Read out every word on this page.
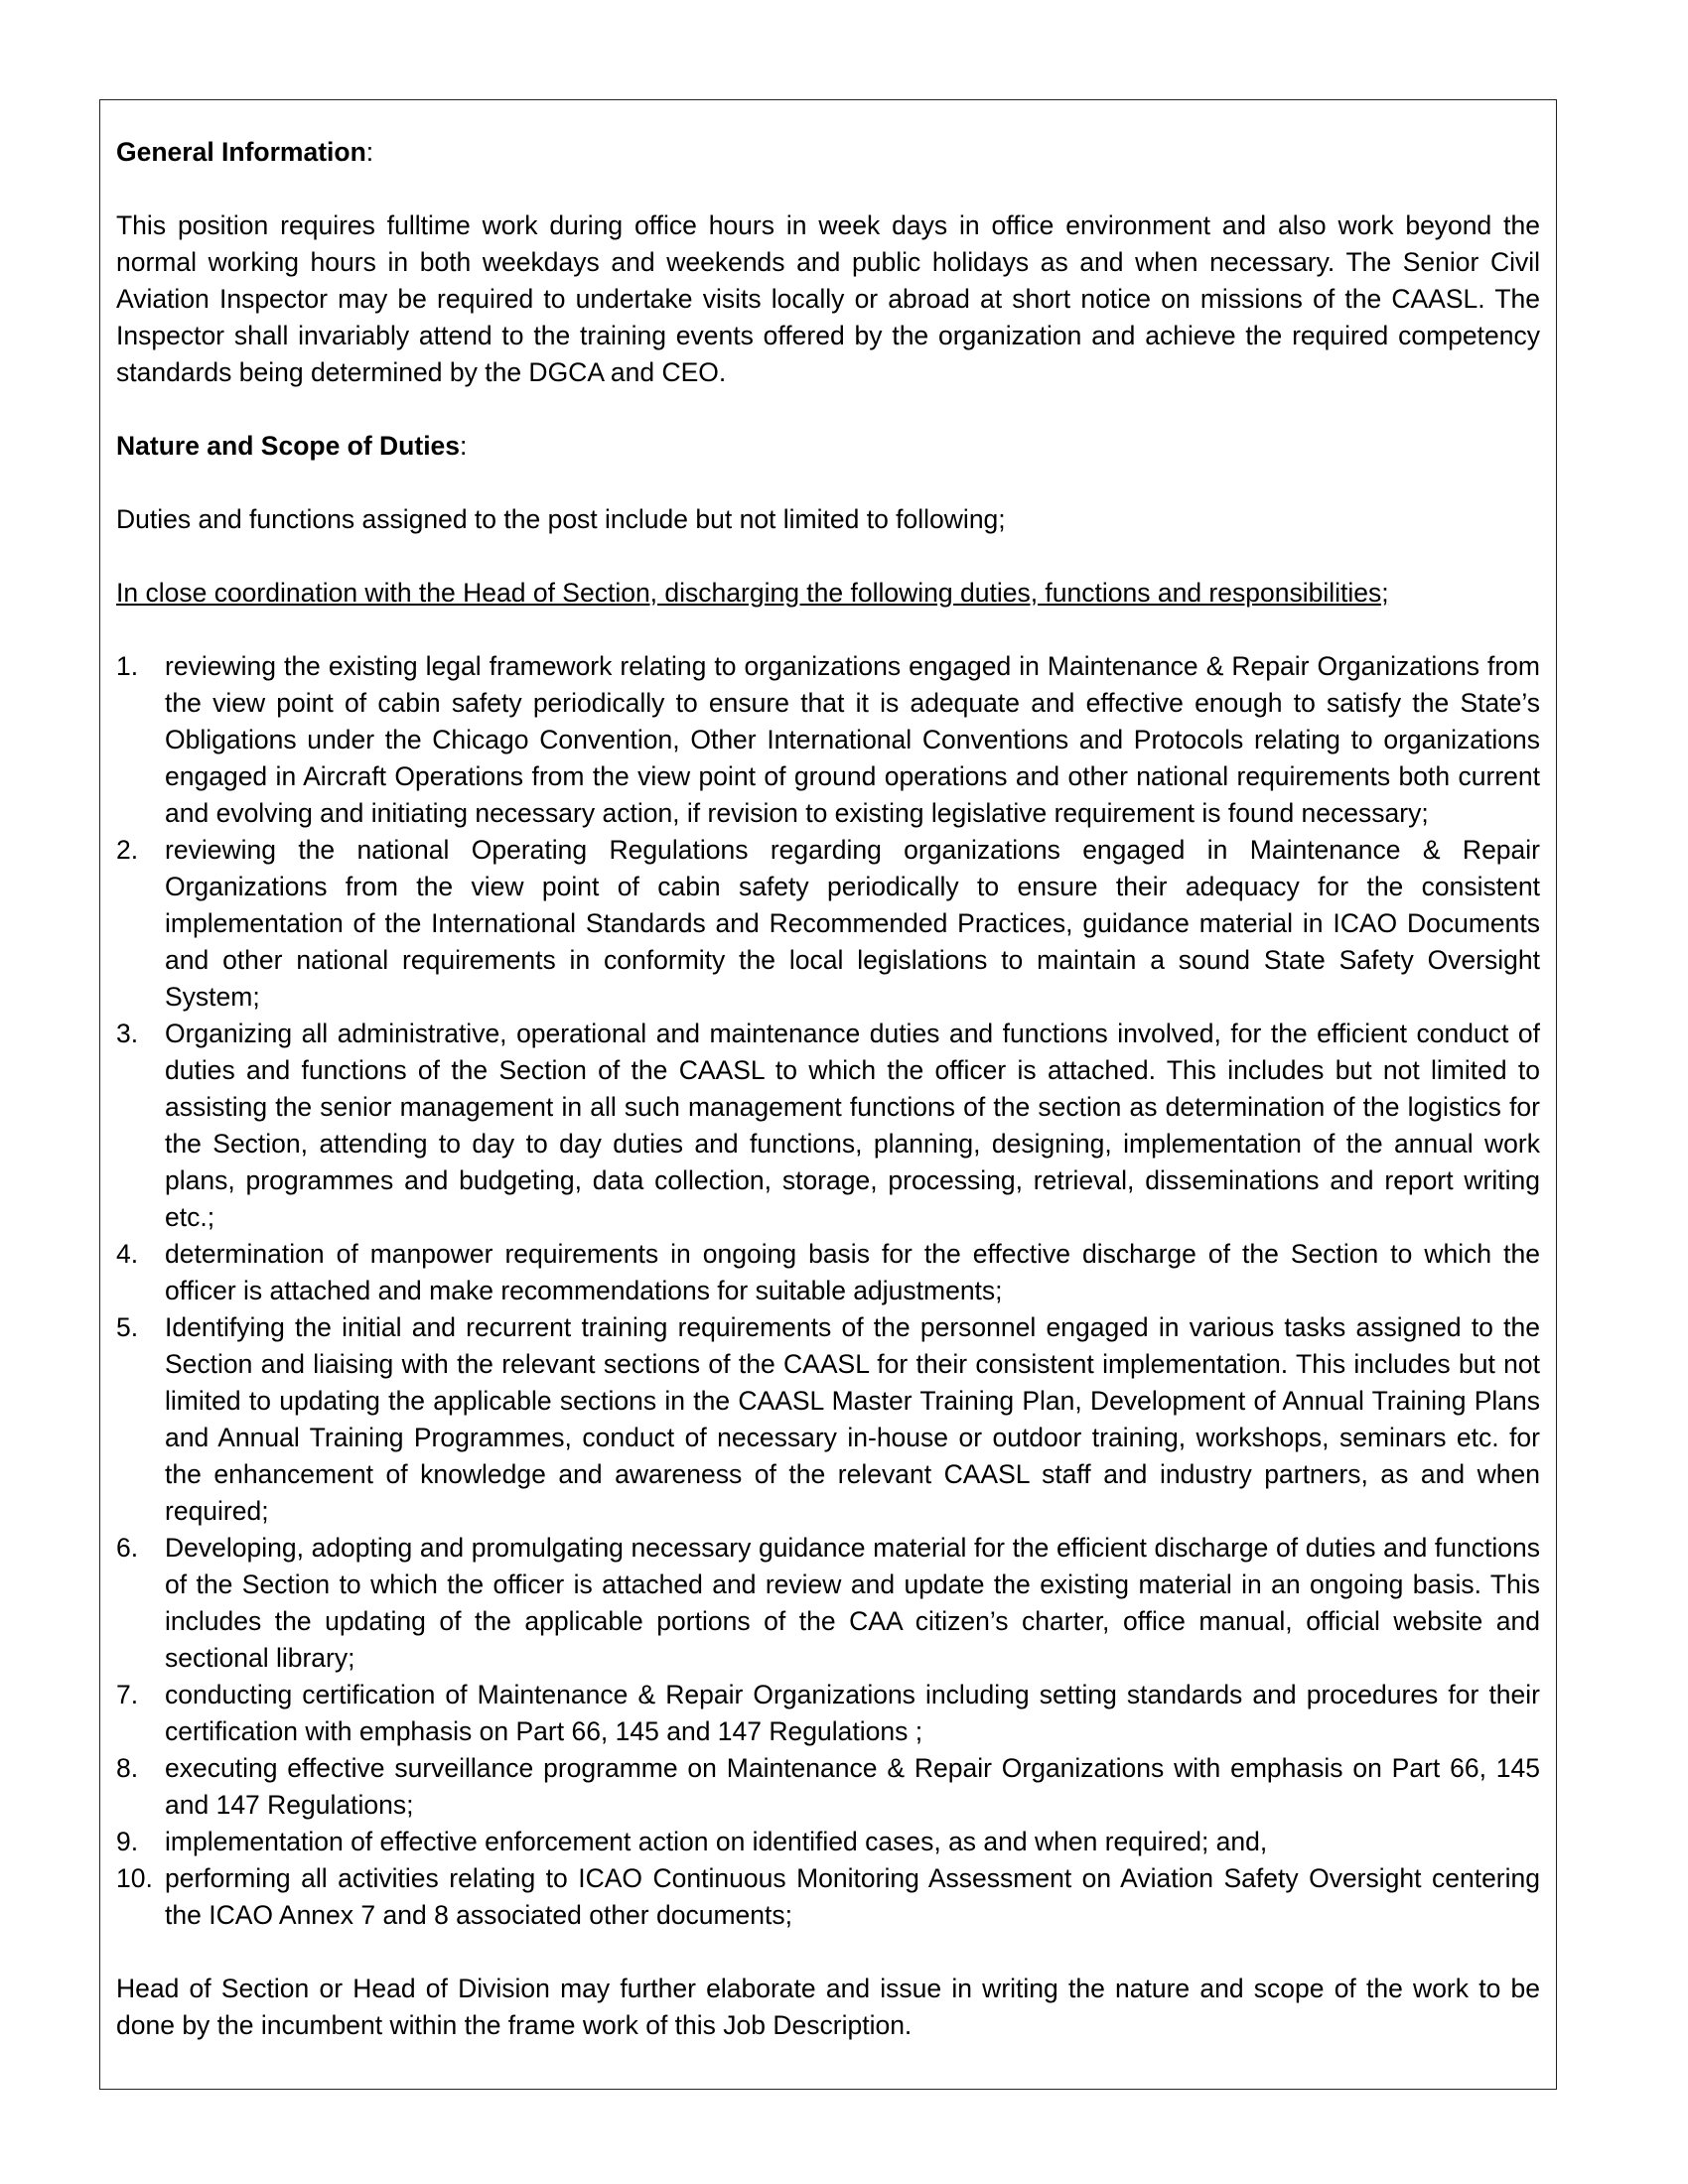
General Information:

This position requires fulltime work during office hours in week days in office environment and also work beyond the normal working hours in both weekdays and weekends and public holidays as and when necessary. The Senior Civil Aviation Inspector may be required to undertake visits locally or abroad at short notice on missions of the CAASL. The Inspector shall invariably attend to the training events offered by the organization and achieve the required competency standards being determined by the DGCA and CEO.

Nature and Scope of Duties:

Duties and functions assigned to the post include but not limited to following;

In close coordination with the Head of Section, discharging the following duties, functions and responsibilities;

1. reviewing the existing legal framework relating to organizations engaged in Maintenance & Repair Organizations from the view point of cabin safety periodically to ensure that it is adequate and effective enough to satisfy the State’s Obligations under the Chicago Convention, Other International Conventions and Protocols relating to organizations engaged in Aircraft Operations from the view point of ground operations and other national requirements both current and evolving and initiating necessary action, if revision to existing legislative requirement is found necessary;
2. reviewing the national Operating Regulations regarding organizations engaged in Maintenance & Repair Organizations from the view point of cabin safety periodically to ensure their adequacy for the consistent implementation of the International Standards and Recommended Practices, guidance material in ICAO Documents and other national requirements in conformity the local legislations to maintain a sound State Safety Oversight System;
3. Organizing all administrative, operational and maintenance duties and functions involved, for the efficient conduct of duties and functions of the Section of the CAASL to which the officer is attached. This includes but not limited to assisting the senior management in all such management functions of the section as determination of the logistics for the Section, attending to day to day duties and functions, planning, designing, implementation of the annual work plans, programmes and budgeting, data collection, storage, processing, retrieval, disseminations and report writing etc.;
4. determination of manpower requirements in ongoing basis for the effective discharge of the Section to which the officer is attached and make recommendations for suitable adjustments;
5. Identifying the initial and recurrent training requirements of the personnel engaged in various tasks assigned to the Section and liaising with the relevant sections of the CAASL for their consistent implementation. This includes but not limited to updating the applicable sections in the CAASL Master Training Plan, Development of Annual Training Plans and Annual Training Programmes, conduct of necessary in-house or outdoor training, workshops, seminars etc. for the enhancement of knowledge and awareness of the relevant CAASL staff and industry partners, as and when required;
6. Developing, adopting and promulgating necessary guidance material for the efficient discharge of duties and functions of the Section to which the officer is attached and review and update the existing material in an ongoing basis. This includes the updating of the applicable portions of the CAA citizen’s charter, office manual, official website and sectional library;
7. conducting certification of Maintenance & Repair Organizations including setting standards and procedures for their certification with emphasis on Part 66, 145 and 147 Regulations ;
8. executing effective surveillance programme on Maintenance & Repair Organizations with emphasis on Part 66, 145 and 147 Regulations;
9. implementation of effective enforcement action on identified cases, as and when required; and,
10. performing all activities relating to ICAO Continuous Monitoring Assessment on Aviation Safety Oversight centering the ICAO Annex 7 and 8 associated other documents;

Head of Section or Head of Division may further elaborate and issue in writing the nature and scope of the work to be done by the incumbent within the frame work of this Job Description.
